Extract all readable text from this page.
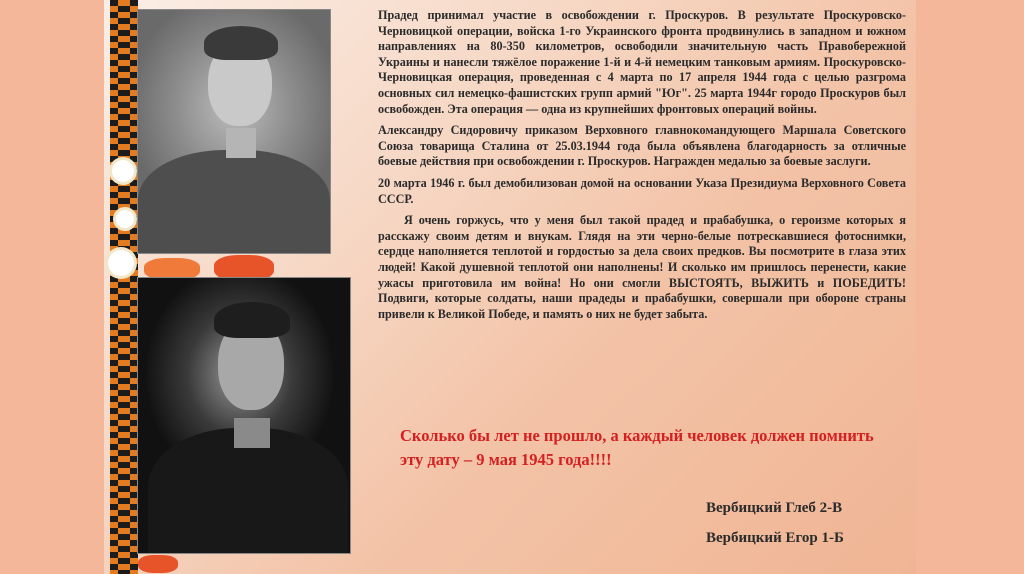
Прадед принимал участие в освобождении г. Проскуров. В результате Проскуровско-Черновицкой операции, войска 1-го Украинского фронта продвинулись в западном и южном направлениях на 80-350 километров, освободили значительную часть Правобережной Украины и нанесли тяжёлое поражение 1-й и 4-й немецким танковым армиям. Проскуровско- Черновицкая операция, проведенная с 4 марта по 17 апреля 1944 года с целью разгрома основных сил немецко-фашистских групп армий "Юг". 25 марта 1944г городо Проскуров был освобожден. Эта операция — одна из крупнейших фронтовых операций войны.

Александру Сидоровичу приказом Верховного главнокомандующего Маршала Советского Союза товарища Сталина от 25.03.1944 года была объявлена благодарность за отличные боевые действия при освобождении г. Проскуров. Награжден медалью за боевые заслуги.

20 марта 1946 г. был демобилизован домой на основании Указа Президиума Верховного Совета СССР.

Я очень горжусь, что у меня был такой прадед и прабабушка, о героизме которых я расскажу своим детям и внукам. Глядя на эти черно-белые потрескавшиеся фотоснимки, сердце наполняется теплотой и гордостью за дела своих предков. Вы посмотрите в глаза этих людей! Какой душевной теплотой они наполнены! И сколько им пришлось перенести, какие ужасы приготовила им война! Но они смогли ВЫСТОЯТЬ, ВЫЖИТЬ и ПОБЕДИТЬ! Подвиги, которые солдаты, наши прадеды и прабабушки, совершали при обороне страны привели к Великой Победе, и память о них не будет забыта.

Сколько бы лет не прошло, а каждый человек должен помнить эту дату – 9 мая 1945 года!!!!
Вербицкий Глеб 2-В
Вербицкий Егор 1-Б
